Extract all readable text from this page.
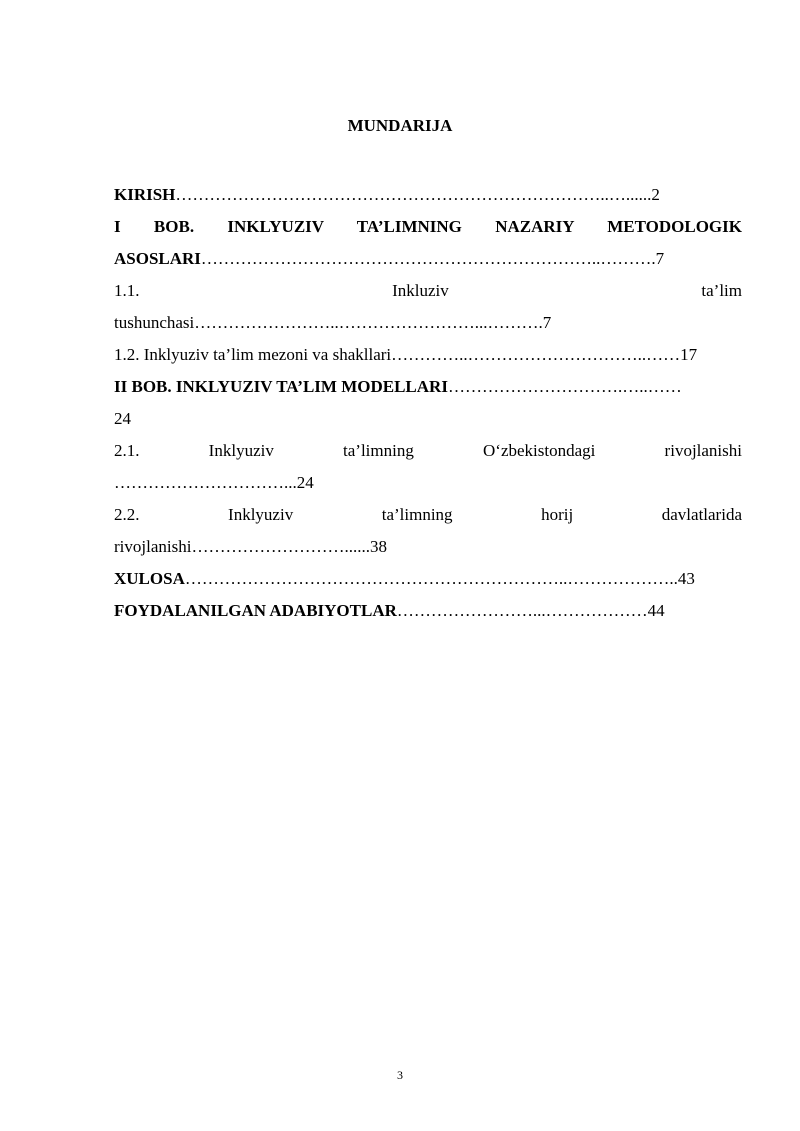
MUNDARIJA
KIRISH…………………………………………………………………..…......2
I BOB. INKLYUZIV TA’LIMNING NAZARIY METODOLOGIK
ASOSLARI……………………………………………………………..……….7
1.1. Inkluziv ta’lim
tushunchasi……………………..……………………...……….7
1.2. Inklyuziv ta’lim mezoni va shakllari…………..…………………………..……17
II BOB. INKLYUZIV TA’LIM MODELLARI………………………….…..……
24
2.1. Inklyuziv ta’limning O‘zbekistondagi rivojlanishi
…………………………...24
2.2. Inklyuziv ta’limning horij davlatlarida
rivojlanishi………………………......38
XULOSA…………………………………………………………..………………..43
FOYDALANILGAN ADABIYOTLAR……………………...………………44
3
